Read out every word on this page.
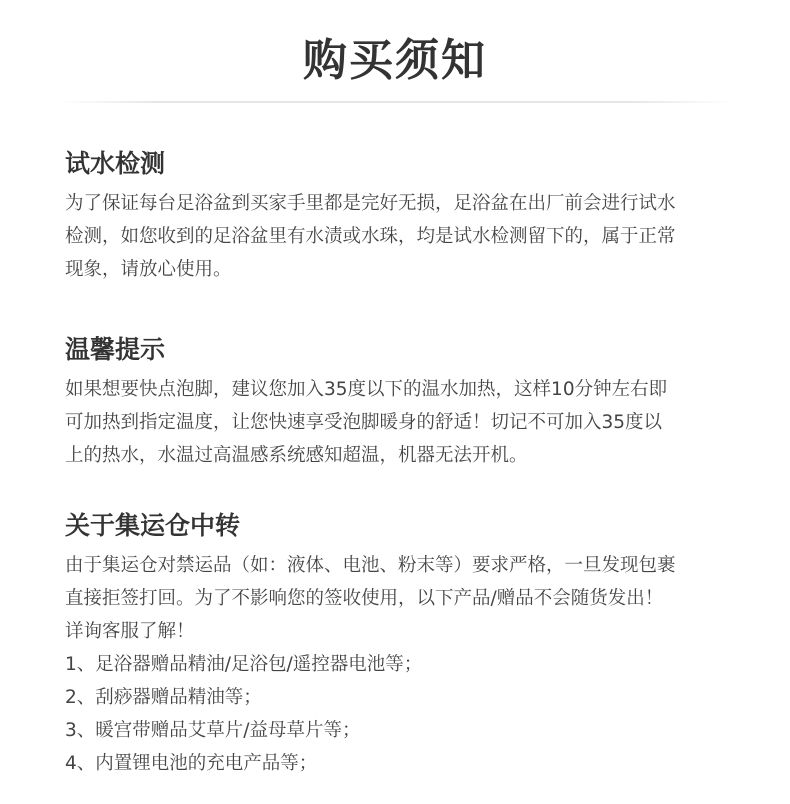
购买须知
试水检测
为了保证每台足浴盆到买家手里都是完好无损，足浴盆在出厂前会进行试水
检测，如您收到的足浴盆里有水渍或水珠，均是试水检测留下的，属于正常
现象，请放心使用。
温馨提示
如果想要快点泡脚，建议您加入35度以下的温水加热，这样10分钟左右即
可加热到指定温度，让您快速享受泡脚暖身的舒适！切记不可加入35度以
上的热水，水温过高温感系统感知超温，机器无法开机。
关于集运仓中转
由于集运仓对禁运品（如：液体、电池、粉末等）要求严格，一旦发现包裹
直接拒签打回。为了不影响您的签收使用，以下产品/赠品不会随货发出！
详询客服了解！
1、足浴器赠品精油/足浴包/遥控器电池等；
2、刮痧器赠品精油等；
3、暖宫带赠品艾草片/益母草片等；
4、内置锂电池的充电产品等；
